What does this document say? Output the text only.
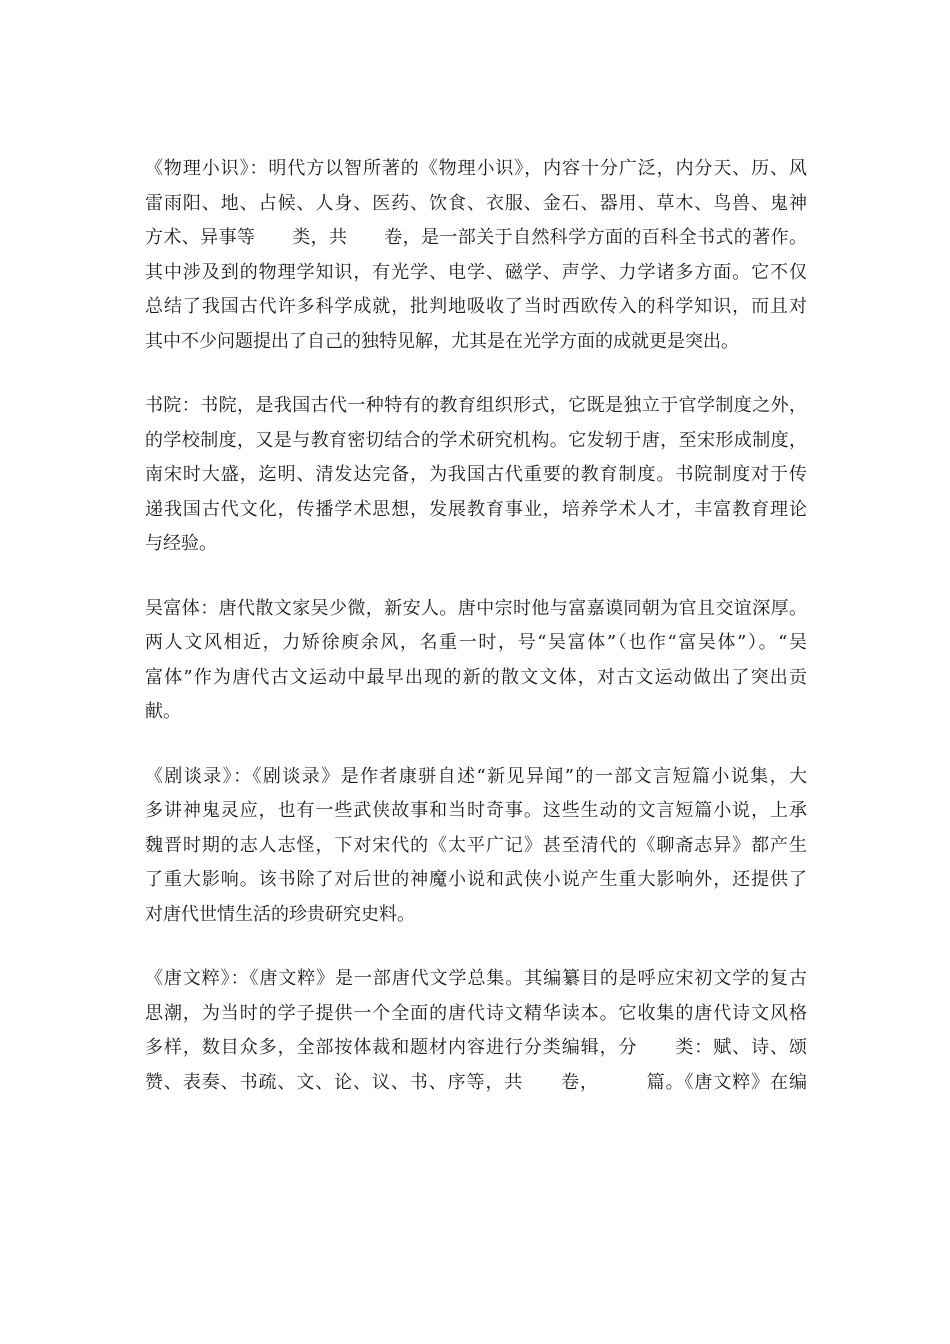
《物理小识》：明代方以智所著的《物理小识》，内容十分广泛，内分天、历、风
雷雨阳、地、占候、人身、医药、饮食、衣服、金石、器用、草木、鸟兽、鬼神
方术、异事等　　类，共　　卷，是一部关于自然科学方面的百科全书式的著作。
其中涉及到的物理学知识，有光学、电学、磁学、声学、力学诸多方面。它不仅
总结了我国古代许多科学成就，批判地吸收了当时西欧传入的科学知识，而且对
其中不少问题提出了自己的独特见解，尤其是在光学方面的成就更是突出。
书院：书院，是我国古代一种特有的教育组织形式，它既是独立于官学制度之外，
的学校制度，又是与教育密切结合的学术研究机构。它发轫于唐，至宋形成制度，
南宋时大盛，迄明、清发达完备，为我国古代重要的教育制度。书院制度对于传
递我国古代文化，传播学术思想，发展教育事业，培养学术人才，丰富教育理论
与经验。
吴富体：唐代散文家吴少微，新安人。唐中宗时他与富嘉谟同朝为官且交谊深厚。
两人文风相近，力矫徐庾余风，名重一时，号“吴富体”（也作“富吴体”）。“吴
富体”作为唐代古文运动中最早出现的新的散文文体，对古文运动做出了突出贡
献。
《剧谈录》：《剧谈录》是作者康骈自述“新见异闻”的一部文言短篇小说集，大
多讲神鬼灵应，也有一些武侠故事和当时奇事。这些生动的文言短篇小说，上承
魏晋时期的志人志怪，下对宋代的《太平广记》甚至清代的《聊斋志异》都产生
了重大影响。该书除了对后世的神魔小说和武侠小说产生重大影响外，还提供了
对唐代世情生活的珍贵研究史料。
《唐文粹》：《唐文粹》是一部唐代文学总集。其编纂目的是呼应宋初文学的复古
思潮，为当时的学子提供一个全面的唐代诗文精华读本。它收集的唐代诗文风格
多样，数目众多，全部按体裁和题材内容进行分类编辑，分　　类：赋、诗、颂
赞、表奏、书疏、文、论、议、书、序等，共　　卷，　　　篇。《唐文粹》在编
